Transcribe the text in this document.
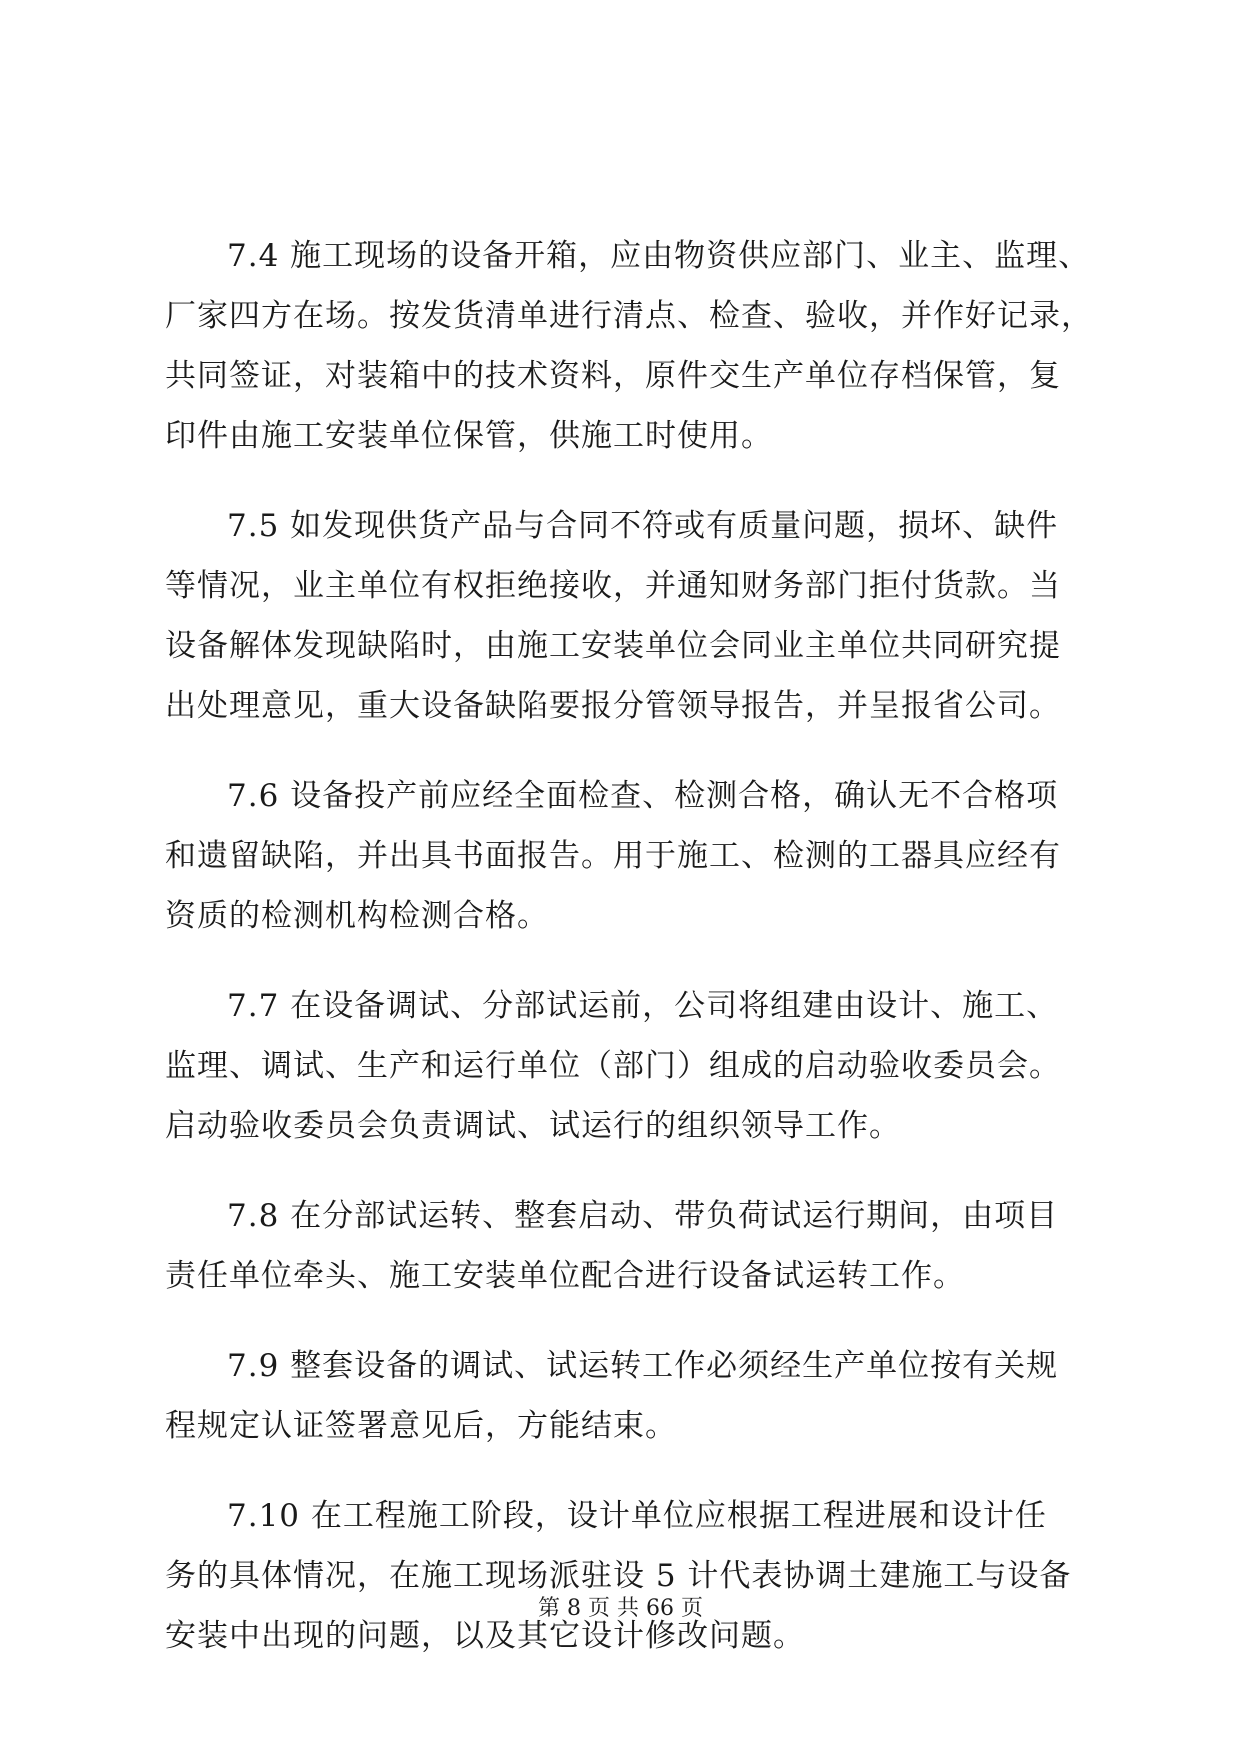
7.4 施工现场的设备开箱，应由物资供应部门、业主、监理、
厂家四方在场。按发货清单进行清点、检查、验收，并作好记录，
共同签证，对装箱中的技术资料，原件交生产单位存档保管，复
印件由施工安装单位保管，供施工时使用。
7.5 如发现供货产品与合同不符或有质量问题，损坏、缺件
等情况，业主单位有权拒绝接收，并通知财务部门拒付货款。当
设备解体发现缺陷时，由施工安装单位会同业主单位共同研究提
出处理意见，重大设备缺陷要报分管领导报告，并呈报省公司。
7.6 设备投产前应经全面检查、检测合格，确认无不合格项
和遗留缺陷，并出具书面报告。用于施工、检测的工器具应经有
资质的检测机构检测合格。
7.7 在设备调试、分部试运前，公司将组建由设计、施工、
监理、调试、生产和运行单位（部门）组成的启动验收委员会。
启动验收委员会负责调试、试运行的组织领导工作。
7.8 在分部试运转、整套启动、带负荷试运行期间，由项目
责任单位牵头、施工安装单位配合进行设备试运转工作。
7.9 整套设备的调试、试运转工作必须经生产单位按有关规
程规定认证签署意见后，方能结束。
7.10 在工程施工阶段，设计单位应根据工程进展和设计任
务的具体情况，在施工现场派驻设 5 计代表协调土建施工与设备
安装中出现的问题，以及其它设计修改问题。
第 8 页 共 66 页
